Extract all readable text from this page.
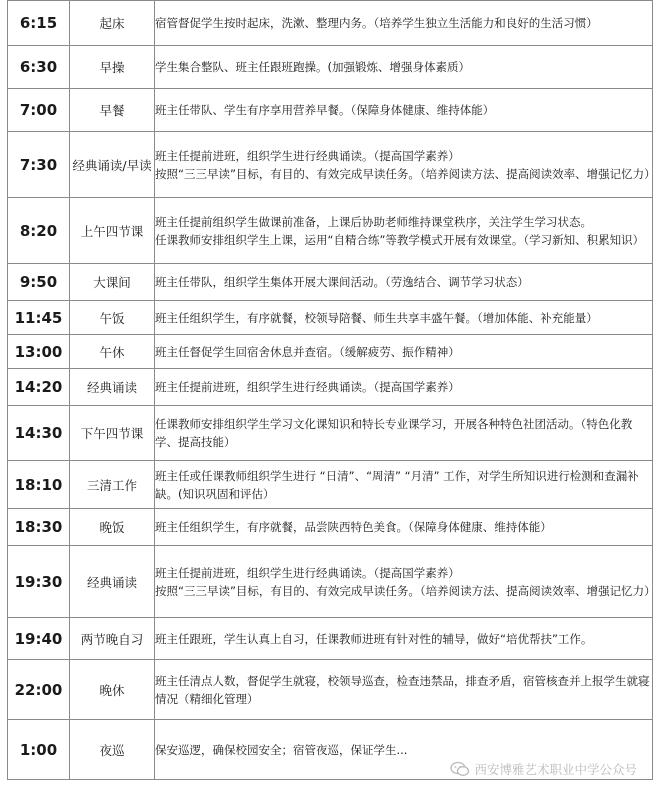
6:15	起床	宿管督促学生按时起床，洗漱、整理内务。（培养学生独立生活能力和良好的生活习惯）

6:30	早操	学生集合整队、班主任跟班跑操。(加强锻炼、增强身体素质）

7:00	早餐	班主任带队、学生有序享用营养早餐。（保障身体健康、维持体能）

7:30	经典诵读/早读	班主任提前进班，组织学生进行经典诵读。（提高国学素养）
按照“三三早读”目标，有目的、有效完成早读任务。（培养阅读方法、提高阅读效率、增强记忆力）

8:20	上午四节课	班主任提前组织学生做课前准备，上课后协助老师维持课堂秩序，关注学生学习状态。
任课教师安排组织学生上课，运用“自精合练”等教学模式开展有效课堂。（学习新知、积累知识）

9:50	大课间	班主任带队，组织学生集体开展大课间活动。（劳逸结合、调节学习状态）

11:45	午饭	班主任组织学生，有序就餐，校领导陪餐、师生共享丰盛午餐。（增加体能、补充能量）

13:00	午休	班主任督促学生回宿舍休息并查宿。（缓解疲劳、振作精神）

14:20	经典诵读	班主任提前进班，组织学生进行经典诵读。（提高国学素养）

14:30	下午四节课	任课教师安排组织学生学习文化课知识和特长专业课学习，开展各种特色社团活动。（特色化教学、提高技能）

18:10	三清工作	班主任或任课教师组织学生进行 “日清”、“周清” “月清” 工作，对学生所知识进行检测和查漏补缺。(知识巩固和评估）

18:30	晚饭	班主任组织学生，有序就餐，品尝陕西特色美食。（保障身体健康、维持体能）

19:30	经典诵读	班主任提前进班，组织学生进行经典诵读。（提高国学素养）
按照“三三早读”目标，有目的、有效完成早读任务。（培养阅读方法、提高阅读效率、增强记忆力）

19:40	两节晚自习	班主任跟班，学生认真上自习，任课教师进班有针对性的辅导，做好“培优帮扶”工作。

22:00	晚休	班主任清点人数，督促学生就寝，校领导巡查，检查违禁品，排查矛盾，宿管核查并上报学生就寝情况（精细化管理）

1:00	夜巡	保安巡逻，确保校园安全；宿管夜巡，保证学生...
西安博雅艺术职业中学公众号
